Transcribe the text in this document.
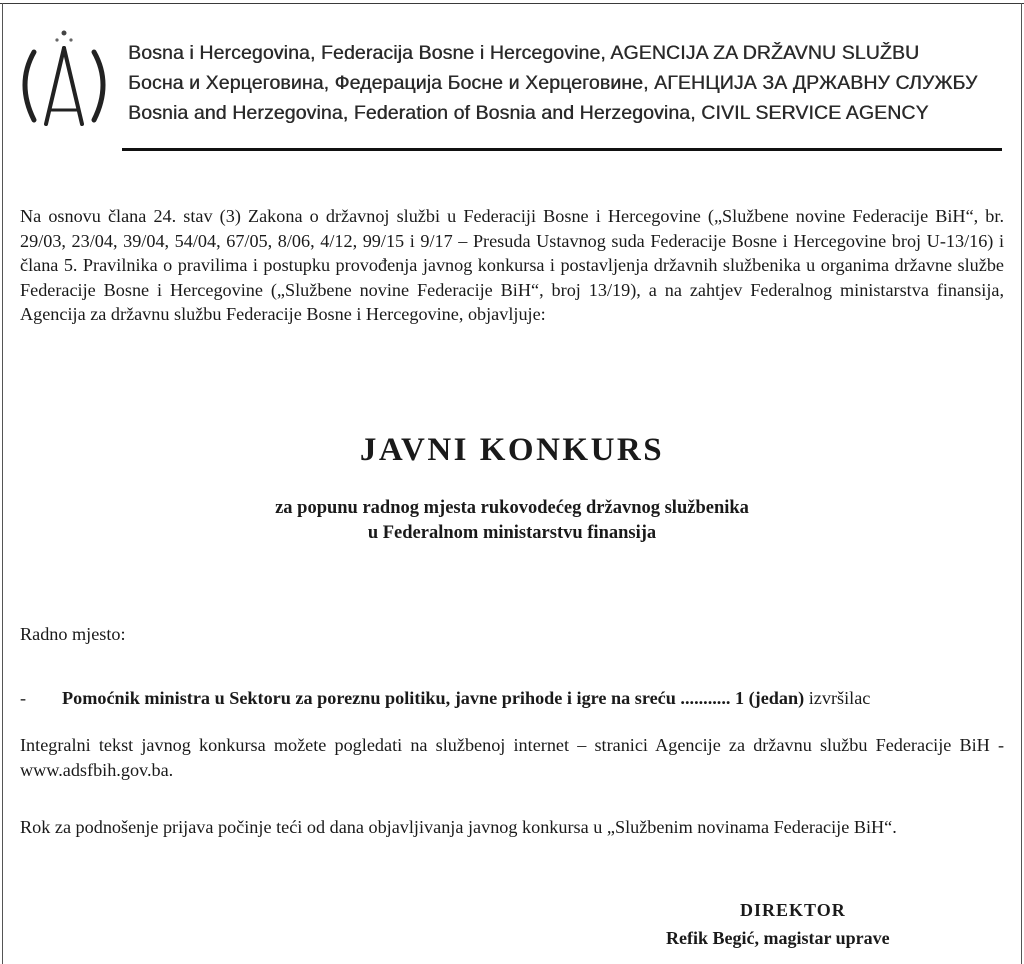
Bosna i Hercegovina, Federacija Bosne i Hercegovine, AGENCIJA ZA DRŽAVNU SLUŽBU
Босна и Херцеговина, Федерација Босне и Херцеговине, АГЕНЦИЈА ЗА ДРЖАВНУ СЛУЖБУ
Bosnia and Herzegovina, Federation of Bosnia and Herzegovina, CIVIL SERVICE AGENCY
Na osnovu člana 24. stav (3) Zakona o državnoj službi u Federaciji Bosne i Hercegovine („Službene novine Federacije BiH“, br. 29/03, 23/04, 39/04, 54/04, 67/05, 8/06, 4/12, 99/15 i 9/17 – Presuda Ustavnog suda Federacije Bosne i Hercegovine broj U-13/16) i člana 5. Pravilnika o pravilima i postupku provođenja javnog konkursa i postavljenja državnih službenika u organima državne službe Federacije Bosne i Hercegovine („Službene novine Federacije BiH“, broj 13/19), a na zahtjev Federalnog ministarstva finansija, Agencija za državnu službu Federacije Bosne i Hercegovine, objavljuje:
JAVNI KONKURS
za popunu radnog mjesta rukovodećeg državnog službenika
u Federalnom ministarstvu finansija
Radno mjesto:
- Pomoćnik ministra u Sektoru za poreznu politiku, javne prihode i igre na sreću ........... 1 (jedan) izvršilac
Integralni tekst javnog konkursa možete pogledati na službenoj internet – stranici Agencije za državnu službu Federacije BiH - www.adsfbih.gov.ba.
Rok za podnošenje prijava počinje teći od dana objavljivanja javnog konkursa u „Službenim novinama Federacije BiH“.
DIREKTOR
Refik Begić, magistar uprave
